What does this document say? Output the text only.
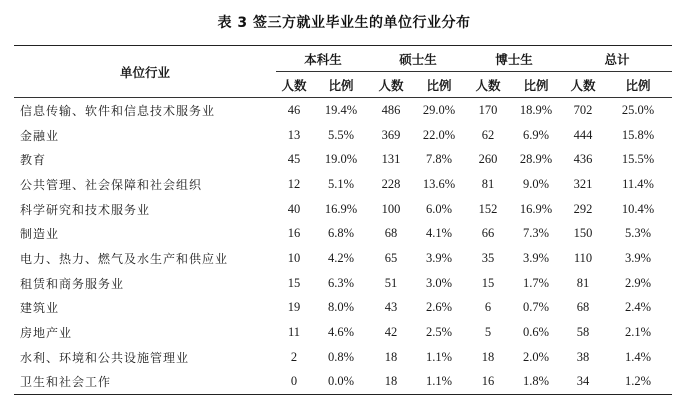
表 3 签三方就业毕业生的单位行业分布
单位行业	本科生		硕士生		博士生		总计	
	人数	比例	人数	比例	人数	比例	人数	比例
信息传输、软件和信息技术服务业	46	19.4%	486	29.0%	170	18.9%	702	25.0%
金融业	13	5.5%	369	22.0%	62	6.9%	444	15.8%
教育	45	19.0%	131	7.8%	260	28.9%	436	15.5%
公共管理、社会保障和社会组织	12	5.1%	228	13.6%	81	9.0%	321	11.4%
科学研究和技术服务业	40	16.9%	100	6.0%	152	16.9%	292	10.4%
制造业	16	6.8%	68	4.1%	66	7.3%	150	5.3%
电力、热力、燃气及水生产和供应业	10	4.2%	65	3.9%	35	3.9%	110	3.9%
租赁和商务服务业	15	6.3%	51	3.0%	15	1.7%	81	2.9%
建筑业	19	8.0%	43	2.6%	6	0.7%	68	2.4%
房地产业	11	4.6%	42	2.5%	5	0.6%	58	2.1%
水利、环境和公共设施管理业	2	0.8%	18	1.1%	18	2.0%	38	1.4%
卫生和社会工作	0	0.0%	18	1.1%	16	1.8%	34	1.2%
